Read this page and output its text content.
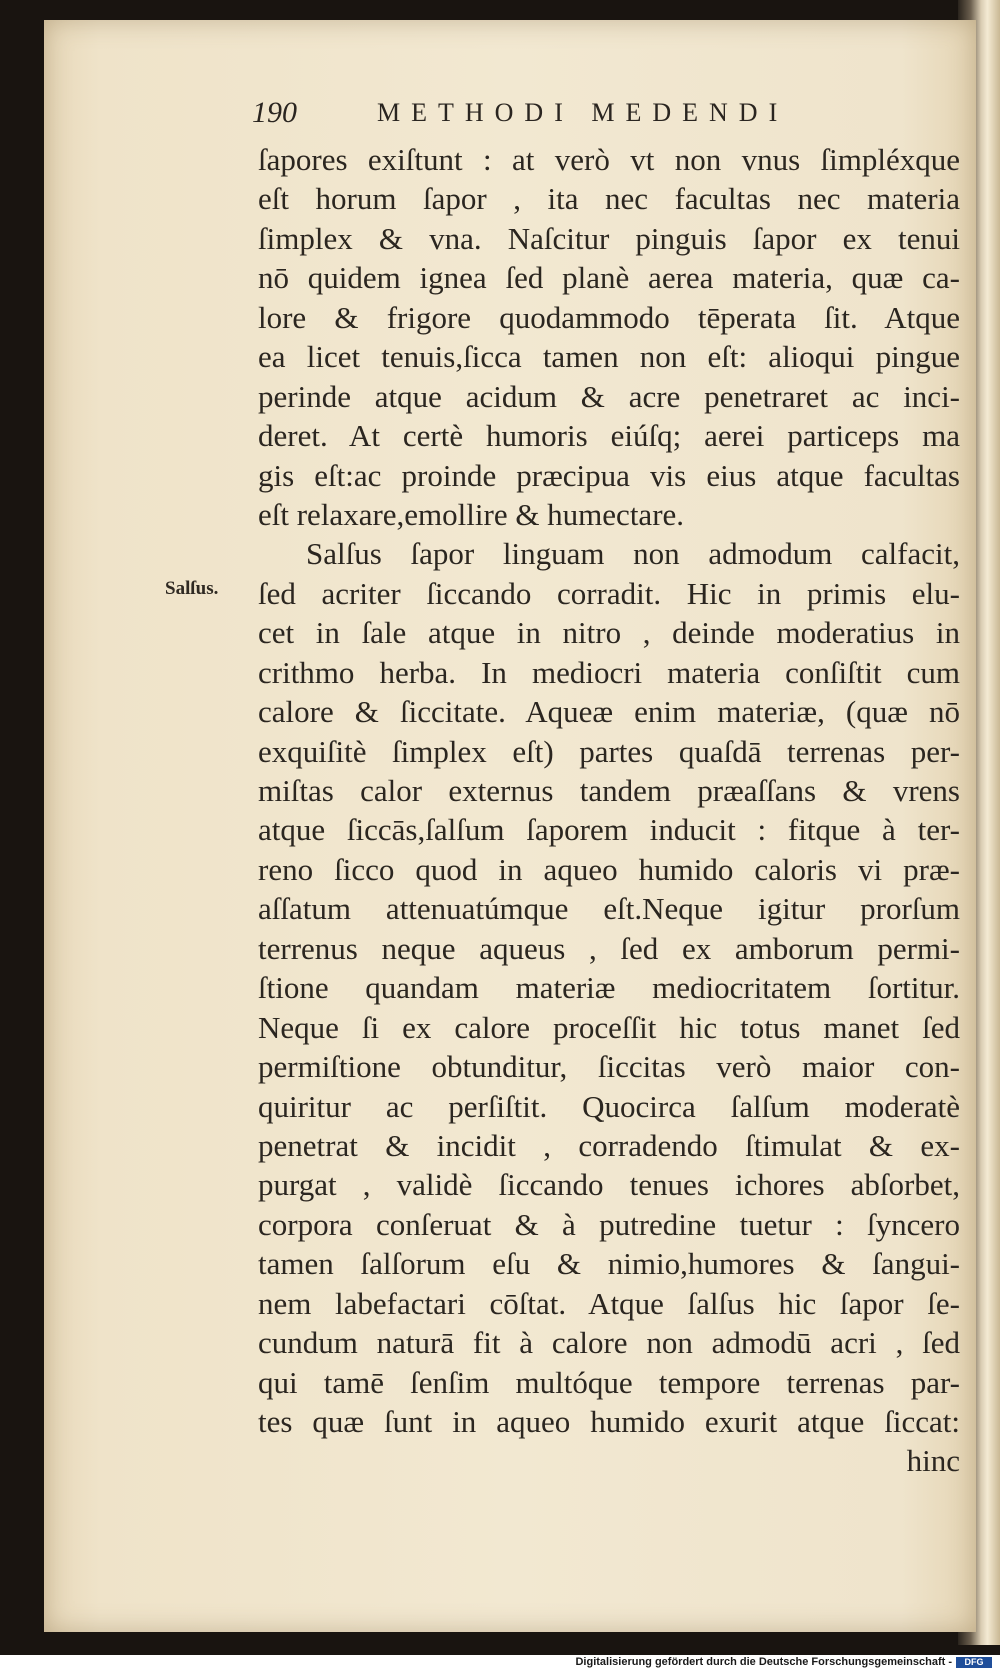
190	METHODI MEDENDI
Salſus.
ſapores exiſtunt : at verò vt non vnus ſimpléxque
eſt horum ſapor , ita nec facultas nec materia
ſimplex & vna. Naſcitur pinguis ſapor ex tenui
nō quidem ignea ſed planè aerea materia, quæ ca-
lore & frigore quodammodo tēperata ſit. Atque
ea licet tenuis,ſicca tamen non eſt: alioqui pingue
perinde atque acidum & acre penetraret ac inci-
deret. At certè humoris eiúſq; aerei particeps ma
gis eſt:ac proinde præcipua vis eius atque facultas
eſt relaxare,emollire & humectare.
Salſus ſapor linguam non admodum calfacit,
ſed acriter ſiccando corradit. Hic in primis elu-
cet in ſale atque in nitro , deinde moderatius in
crithmo herba. In mediocri materia conſiſtit cum
calore & ſiccitate. Aqueæ enim materiæ, (quæ nō
exquiſitè ſimplex eſt) partes quaſdā terrenas per-
miſtas calor externus tandem præaſſans & vrens
atque ſiccās,ſalſum ſaporem inducit : fitque à ter-
reno ſicco quod in aqueo humido caloris vi præ-
aſſatum attenuatúmque eſt.Neque igitur prorſum
terrenus neque aqueus , ſed ex amborum permi-
ſtione quandam materiæ mediocritatem ſortitur.
Neque ſi ex calore proceſſit hic totus manet ſed
permiſtione obtunditur, ſiccitas verò maior con-
quiritur ac perſiſtit. Quocirca ſalſum moderatè
penetrat & incidit , corradendo ſtimulat & ex-
purgat , validè ſiccando tenues ichores abſorbet,
corpora conſeruat & à putredine tuetur : ſyncero
tamen ſalſorum eſu & nimio,humores & ſangui-
nem labefactari cōſtat. Atque ſalſus hic ſapor ſe-
cundum naturā fit à calore non admodū acri , ſed
qui tamē ſenſim multóque tempore terrenas par-
tes quæ ſunt in aqueo humido exurit atque ſiccat:
hinc
Digitalisierung gefördert durch die Deutsche Forschungsgemeinschaft -	DFG
